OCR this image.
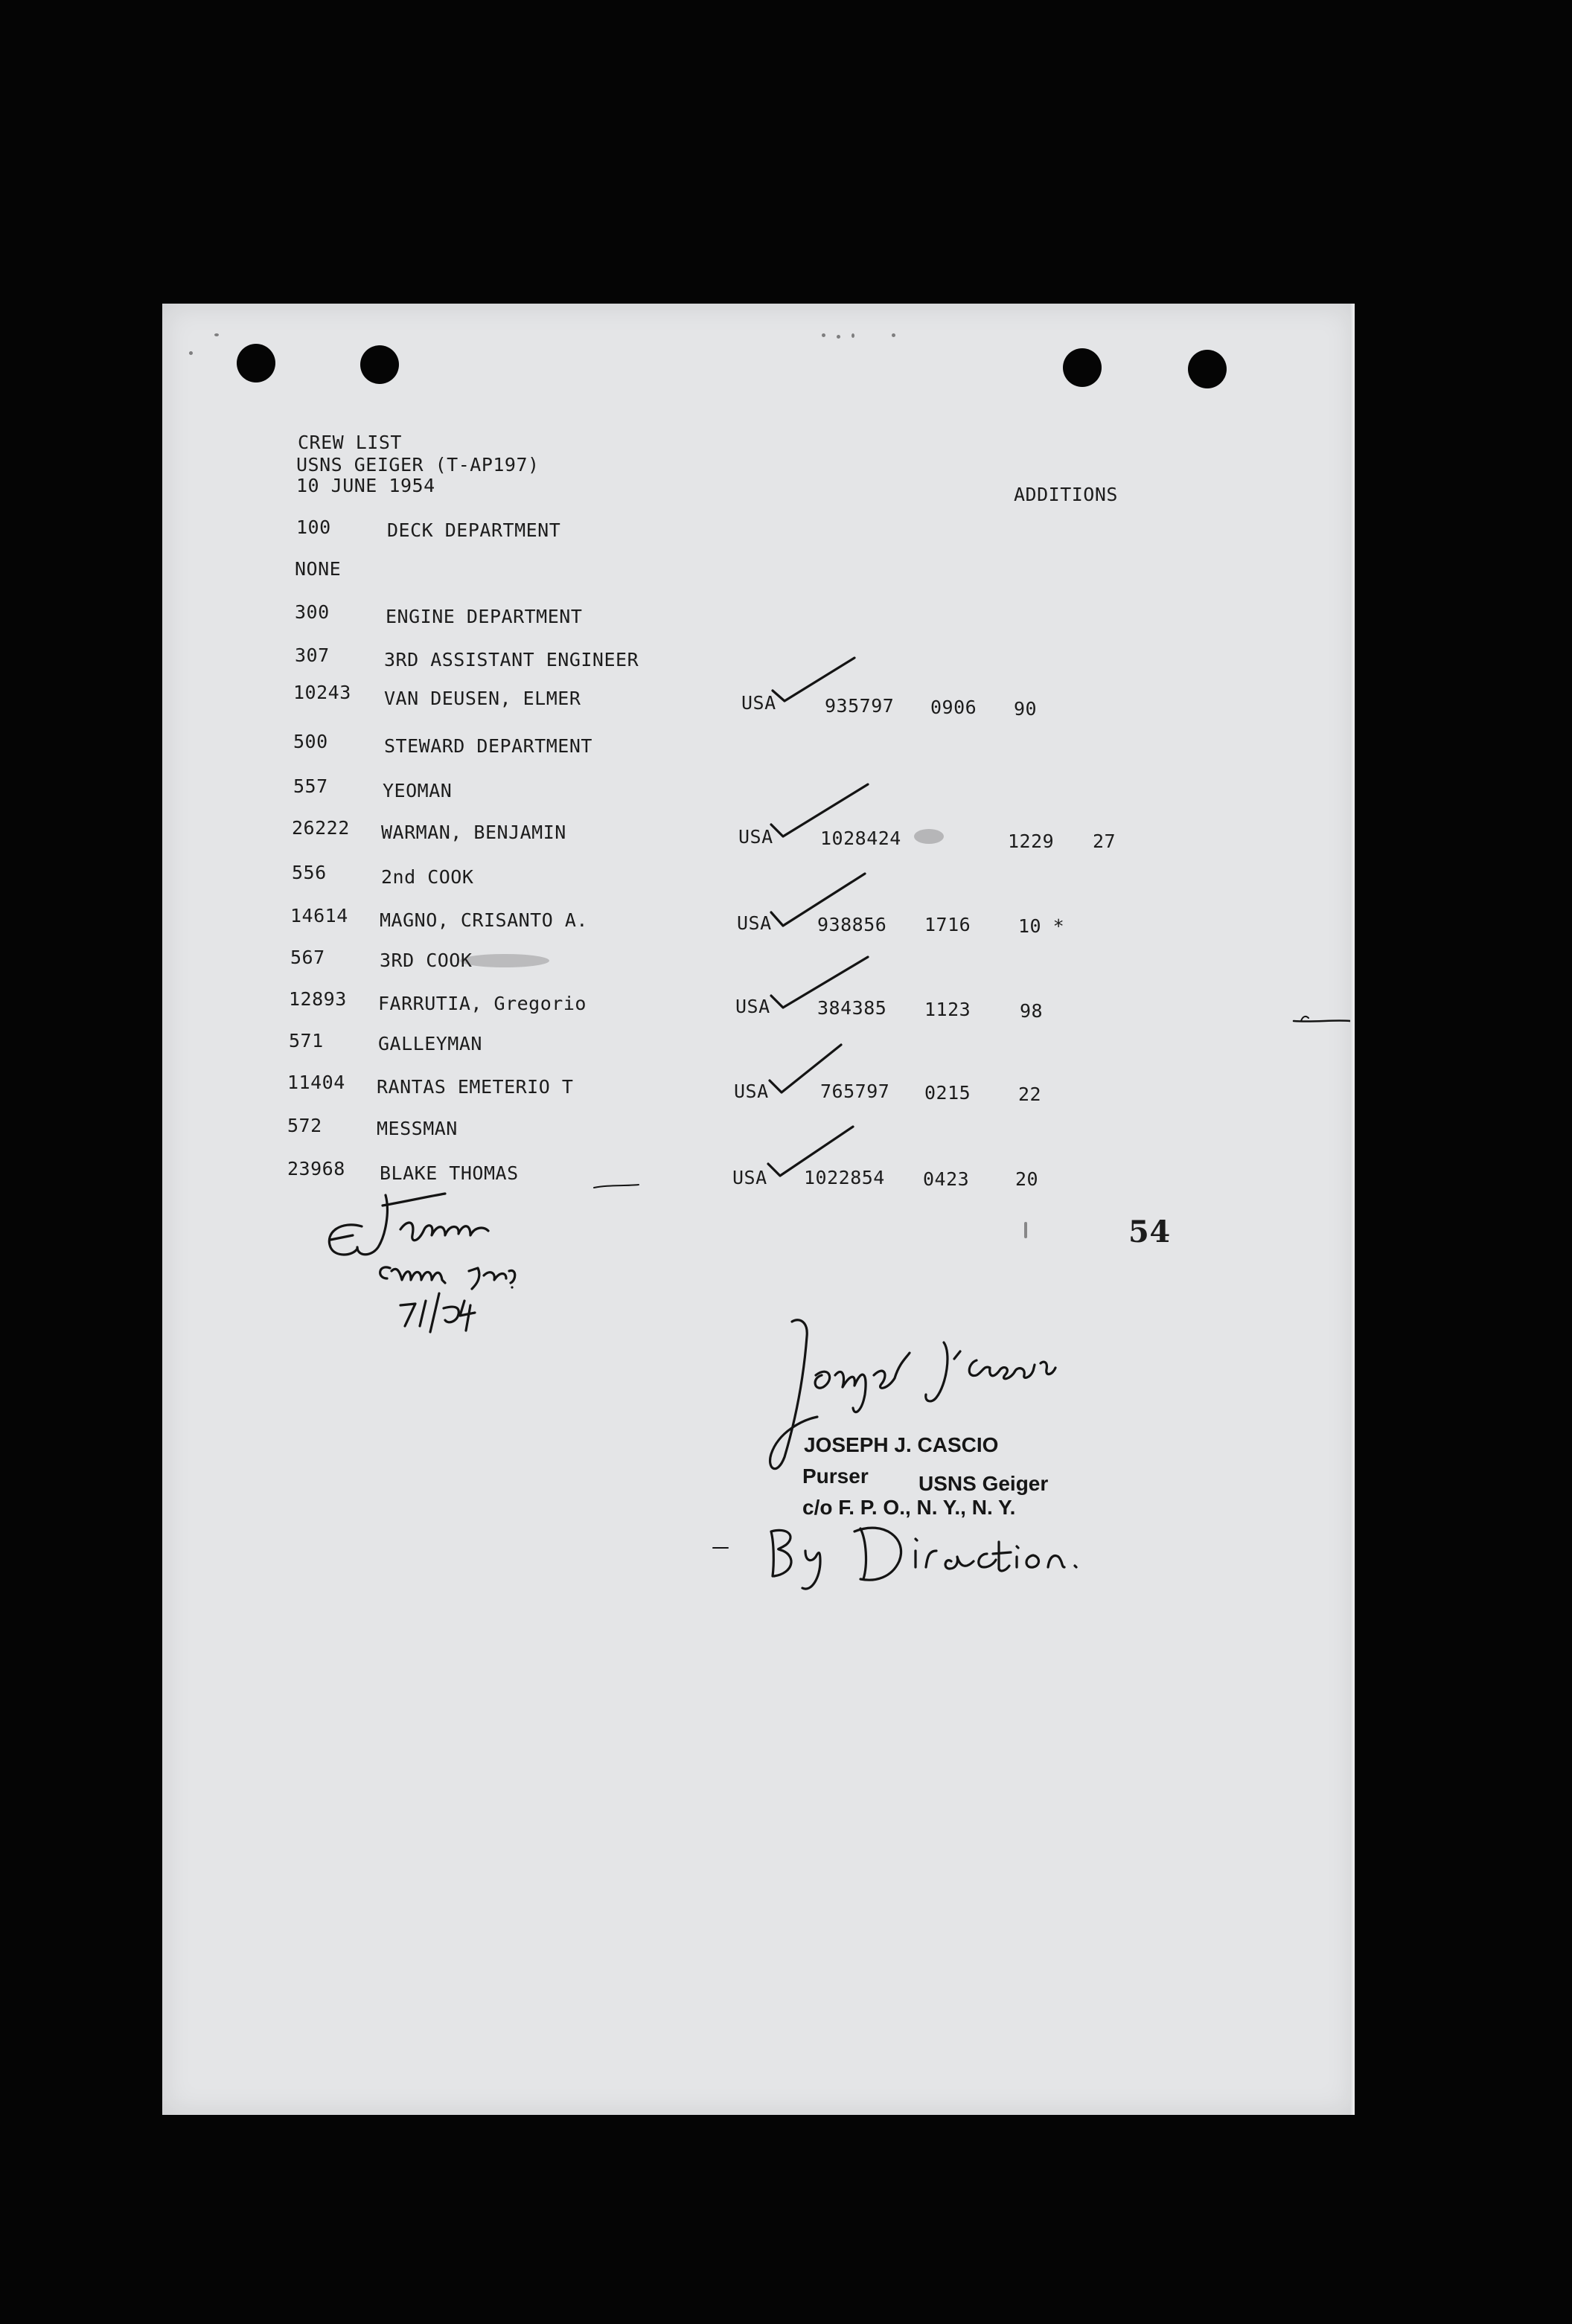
CREW LIST
USNS GEIGER (T-AP197)
10 JUNE 1954	ADDITIONS
100	DECK DEPARTMENT
NONE
300	ENGINE DEPARTMENT
307	3RD ASSISTANT ENGINEER
10243 VAN DEUSEN, ELMER	USA	935797 0906 90
500	STEWARD DEPARTMENT
557	YEOMAN
26222 WARMAN, BENJAMIN	USA	1028424	1229 27
556	2nd COOK
14614 MAGNO, CRISANTO A.	USA 938856 1716	10 *
567	3RD COOK
12893 FARRUTIA, Gregorio	USA	384385 1123	98
571	GALLEYMAN
11404 RANTAS EMETERIO T	USA	765797 0215	22
572	MESSMAN
23968 BLAKE THOMAS	USA 1022854 0423 20
54
JOSEPH J. CASCIO
Purser USNS Geiger
c/o F. P. O., N. Y., N. Y.
